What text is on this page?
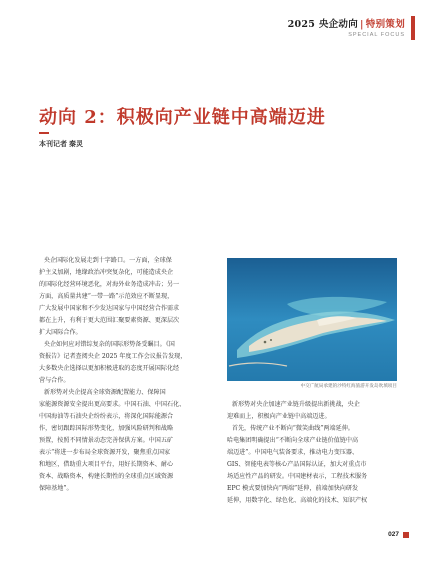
2025 央企动向 | 特别策划
SPECIAL FOCUS
动向 2：积极向产业链中高端迈进
本刊记者 秦灵

央企国际化发展走到十字路口。一方面，全球保

护主义加剧，地缘政治冲突复杂化，可能造成央企

的国际化经营环境恶化，对海外业务造成冲击；另一

方面，高质量共建“一带一路”示范效应不断显现，

广大发展中国家和不少发达国家与中国经营合作需求

都在上升，有利于更大范围汇聚要素资源、更深层次

扩大国际合作。

央企如何应对错综复杂的国际形势备受瞩目。《国

资报告》记者查阅央企 2025 年度工作会议报告发现，

大多数央企选择以更加积极进取的态度开展国际化经

营与合作。

新形势对央企提高全球资源配置能力、保障国

家能源资源安全提出更高要求。中国石油、中国石化、

中国海油等石油央企纷纷表示，将深化国际能源合

作，密切跟踪国际形势变化，加强风险研判和战略

预置，按照不同情景动态完善保供方案。中国五矿

表示“将进一步布局全球资源开发，聚焦重点国家

和地区，借助重大项目平台，用好长期资本、耐心

资本、战略资本，构建长期性的全球重点区域资源

保障基地”。

中交广航局承建的沙特红海旅游开发岛吹填项目

新形势对央企加速产业链升级提出新挑战，央企

迎难而上，积极向产业链中高端迈进。

首先，传统产业不断向“微笑曲线”两端延伸。

哈电集团明确提出“不断向全球产业链价值链中高

端迈进”。中国电气装备要求，推动电力变压器、

GIS、智能电表等核心产品国际认证，加大对重点市

场适应性产品的研发。中国建材表示，工程技术服务

EPC 模式要加快向“两端”延伸，前端加快向研发

延伸，用数字化、绿色化、高端化的技术、知识产权

027
